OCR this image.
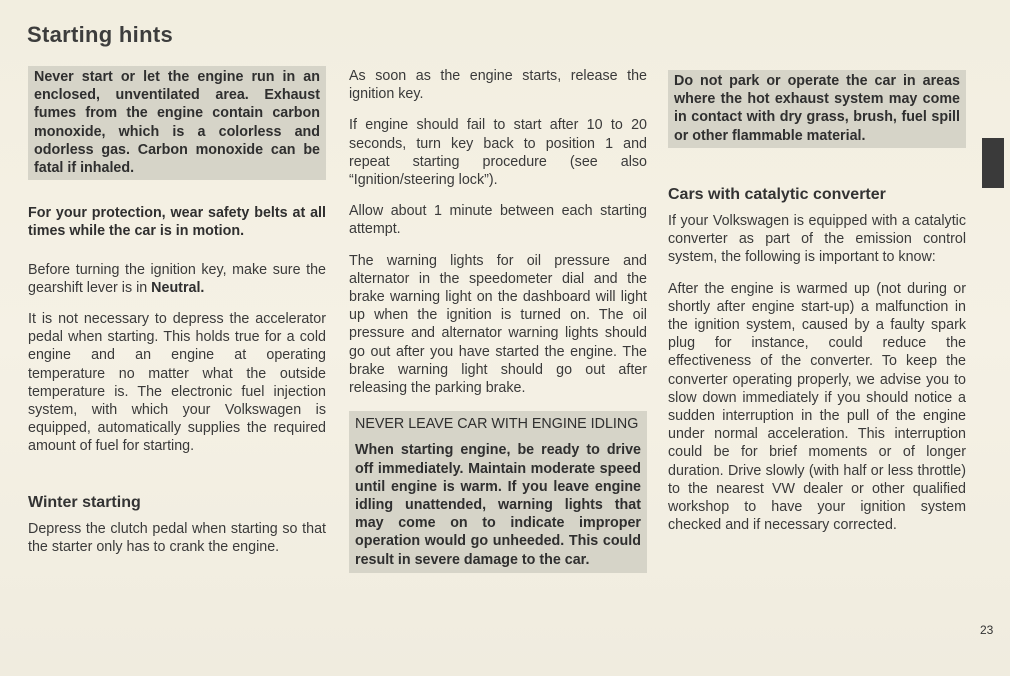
Starting hints

Never start or let the engine run in an enclosed, unventilated area. Exhaust fumes from the engine contain carbon monoxide, which is a colorless and odorless gas. Carbon monoxide can be fatal if inhaled.

For your protection, wear safety belts at all times while the car is in motion.

Before turning the ignition key, make sure the gearshift lever is in Neutral.

It is not necessary to depress the accelerator pedal when starting. This holds true for a cold engine and an engine at operating temperature no matter what the outside temperature is. The electronic fuel injection system, with which your Volkswagen is equipped, automatically supplies the required amount of fuel for starting.

Winter starting

Depress the clutch pedal when starting so that the starter only has to crank the engine.

As soon as the engine starts, release the ignition key.

If engine should fail to start after 10 to 20 seconds, turn key back to position 1 and repeat starting procedure (see also “Ignition/steering lock”).

Allow about 1 minute between each starting attempt.

The warning lights for oil pressure and alternator in the speedometer dial and the brake warning light on the dashboard will light up when the ignition is turned on. The oil pressure and alternator warning lights should go out after you have started the engine. The brake warning light should go out after releasing the parking brake.

NEVER LEAVE CAR WITH ENGINE IDLING

When starting engine, be ready to drive off immediately. Maintain moderate speed until engine is warm. If you leave engine idling unattended, warning lights that may come on to indicate improper operation would go unheeded. This could result in severe damage to the car.

Do not park or operate the car in areas where the hot exhaust system may come in contact with dry grass, brush, fuel spill or other flammable material.

Cars with catalytic converter

If your Volkswagen is equipped with a catalytic converter as part of the emission control system, the following is important to know:

After the engine is warmed up (not during or shortly after engine start-up) a malfunction in the ignition system, caused by a faulty spark plug for instance, could reduce the effectiveness of the converter. To keep the converter operating properly, we advise you to slow down immediately if you should notice a sudden interruption in the pull of the engine under normal acceleration. This interruption could be for brief moments or of longer duration. Drive slowly (with half or less throttle) to the nearest VW dealer or other qualified workshop to have your ignition system checked and if necessary corrected.

23
